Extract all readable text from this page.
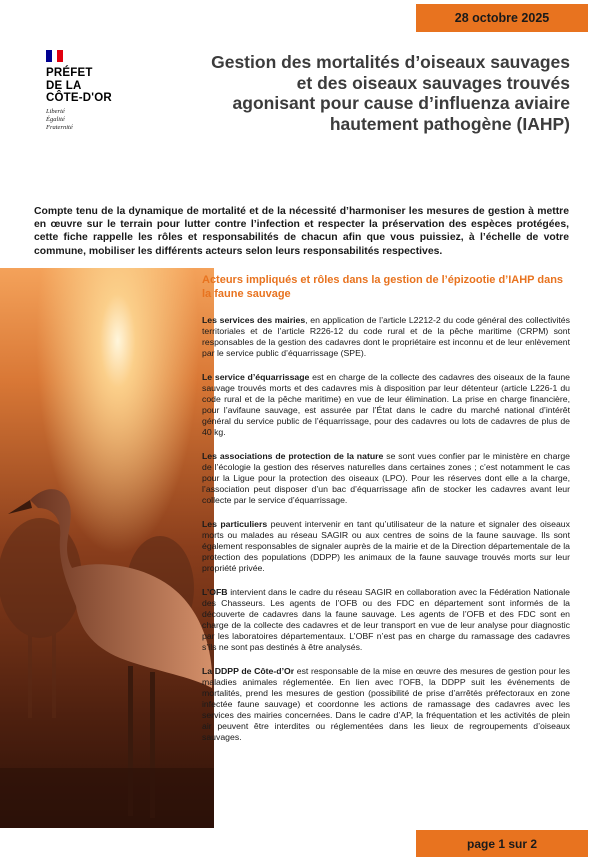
28 octobre 2025
PRÉFET
DE LA
CÔTE-D'OR
Liberté
Égalité
Fraternité
Gestion des mortalités d’oiseaux sauvages et des oiseaux sauvages trouvés agonisant pour cause d’influenza aviaire hautement pathogène (IAHP)

Compte tenu de la dynamique de mortalité et de la nécessité d’harmoniser les mesures de gestion à mettre en œuvre sur le terrain pour lutter contre l’infection et respecter la préservation des espèces protégées, cette fiche rappelle les rôles et responsabilités de chacun afin que vous puissiez, à l’échelle de votre commune, mobiliser les différents acteurs selon leurs responsabilités respectives.

Acteurs impliqués et rôles dans la gestion de l’épizootie d’IAHP dans la faune sauvage

Les services des mairies, en application de l’article L2212-2 du code général des collectivités territoriales et de l’article R226-12 du code rural et de la pêche maritime (CRPM) sont responsables de la gestion des cadavres dont le propriétaire est inconnu et de leur enlèvement par le service public d’équarrissage (SPE).

Le service d’équarrissage est en charge de la collecte des cadavres des oiseaux de la faune sauvage trouvés morts et des cadavres mis à disposition par leur détenteur (article L226-1 du code rural et de la pêche maritime) en vue de leur élimination. La prise en charge financière, pour l’avifaune sauvage, est assurée par l’État dans le cadre du marché national d’intérêt général du service public de l’équarrissage, pour des cadavres ou lots de cadavres de plus de 40 kg.

Les associations de protection de la nature se sont vues confier par le ministère en charge de l’écologie la gestion des réserves naturelles dans certaines zones ; c’est notamment le cas pour la Ligue pour la protection des oiseaux (LPO). Pour les réserves dont elle a la charge, l’association peut disposer d’un bac d’équarrissage afin de stocker les cadavres avant leur collecte par le service d’équarrissage.

Les particuliers peuvent intervenir en tant qu’utilisateur de la nature et signaler des oiseaux morts ou malades au réseau SAGIR ou aux centres de soins de la faune sauvage. Ils sont également responsables de signaler auprès de la mairie et de la Direction départementale de la protection des populations (DDPP) les animaux de la faune sauvage trouvés morts sur leur propriété privée.

L’OFB intervient dans le cadre du réseau SAGIR en collaboration avec la Fédération Nationale des Chasseurs. Les agents de l’OFB ou des FDC en département sont informés de la découverte de cadavres dans la faune sauvage. Les agents de l’OFB et des FDC sont en charge de la collecte des cadavres et de leur transport en vue de leur analyse pour diagnostic par les laboratoires départementaux. L’OBF n’est pas en charge du ramassage des cadavres s’ils ne sont pas destinés à être analysés.

La DDPP de Côte-d’Or est responsable de la mise en œuvre des mesures de gestion pour les maladies animales réglementée. En lien avec l’OFB, la DDPP suit les événements de mortalités, prend les mesures de gestion (possibilité de prise d’arrêtés préfectoraux en zone infectée faune sauvage) et coordonne les actions de ramassage des cadavres avec les services des mairies concernées. Dans le cadre d’AP, la fréquentation et les activités de plein air peuvent être interdites ou réglementées dans les lieux de regroupements d’oiseaux sauvages.

page 1 sur 2
